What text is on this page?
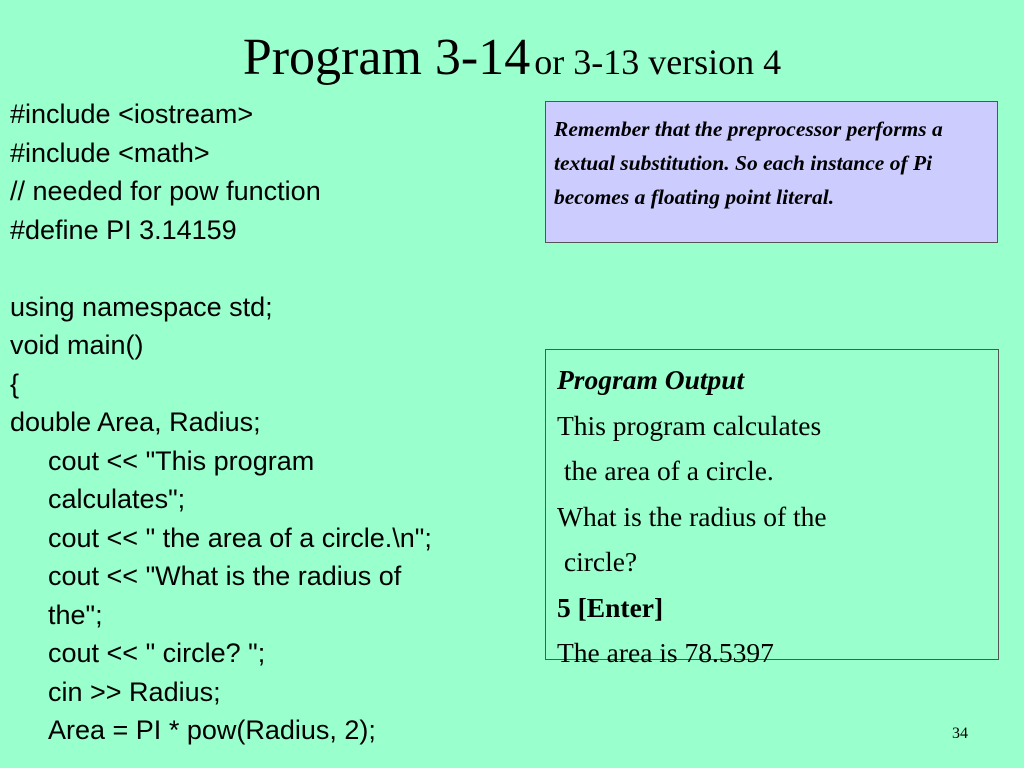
Program 3-14 or 3-13 version 4
#include <iostream>
#include <math>
// needed for pow function
#define PI 3.14159
using namespace std;
void main()
{
double Area, Radius;
cout << "This program
calculates";
cout << " the area of a circle.\n";
cout << "What is the radius of
the";
cout << " circle? ";
cin >> Radius;
Area = PI * pow(Radius, 2);
Remember that the preprocessor performs a textual substitution. So each instance of Pi becomes a floating point literal.
Program Output
This program calculates
the area of a circle.
What is the radius of the
circle?
5 [Enter]
The area is 78.5397
34
